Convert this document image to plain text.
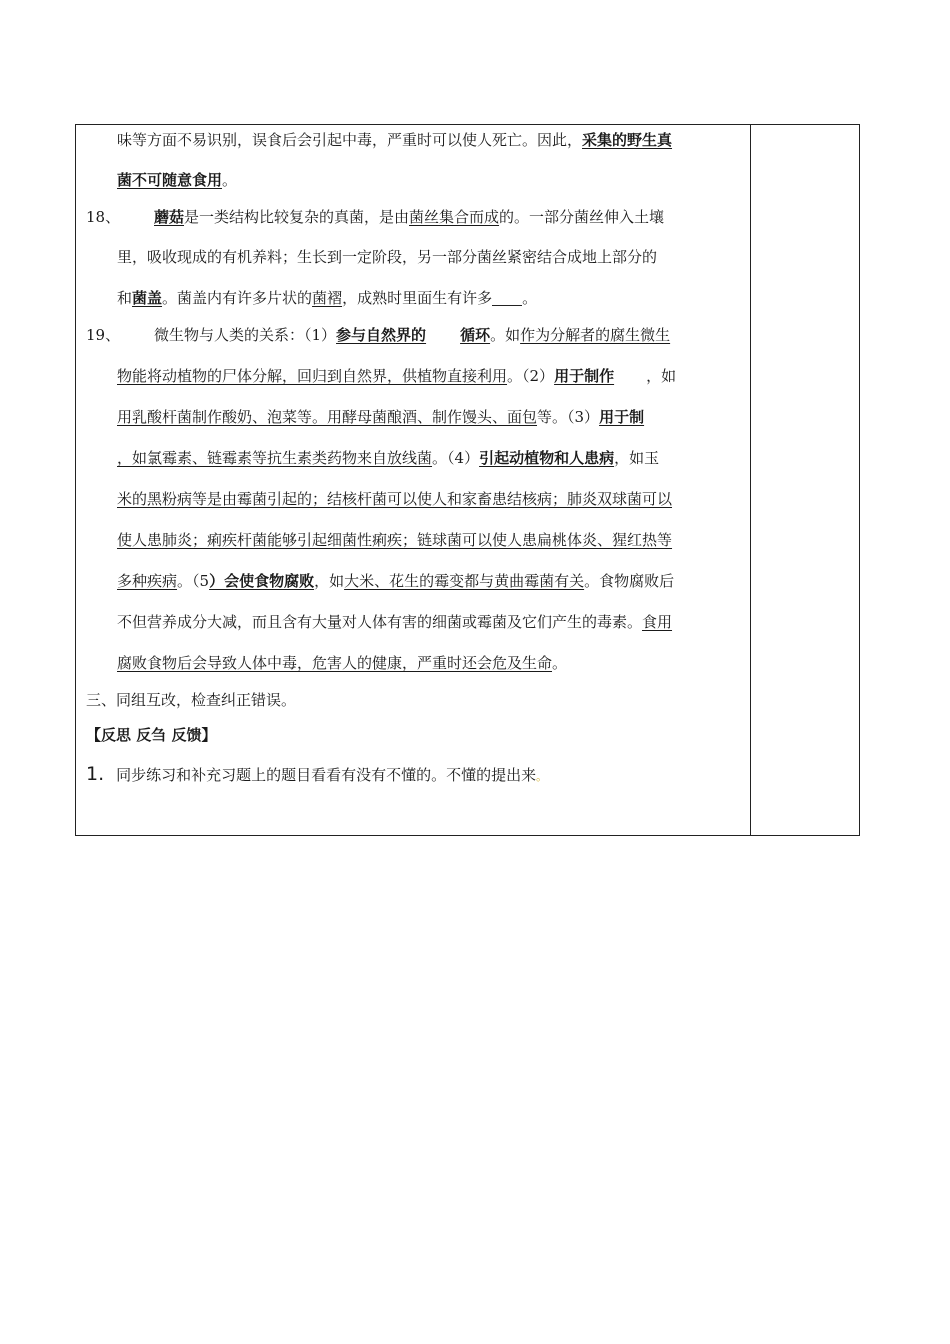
味等方面不易识别，误食后会引起中毒，严重时可以使人死亡。因此，采集的野生真
菌不可随意食用。
18、 蘑菇是一类结构比较复杂的真菌，是由菌丝集合而成的。一部分菌丝伸入土壤
里，吸收现成的有机养料；生长到一定阶段，另一部分菌丝紧密结合成地上部分的
和菌盖。菌盖内有许多片状的菌褶，成熟时里面生有许多 。
19、 微生物与人类的关系：（1）参与自然界的 循环。如作为分解者的腐生微生
物能将动植物的尸体分解，回归到自然界，供植物直接利用。（2）用于制作 ，如
用乳酸杆菌制作酸奶、泡菜等。用酵母菌酿酒、制作馒头、面包等。（3）用于制
，如氯霉素、链霉素等抗生素类药物来自放线菌。（4）引起动植物和人患病，如玉
米的黑粉病等是由霉菌引起的；结核杆菌可以使人和家畜患结核病；肺炎双球菌可以
使人患肺炎；痢疾杆菌能够引起细菌性痢疾；链球菌可以使人患扁桃体炎、猩红热等
多种疾病。（5）会使食物腐败，如大米、花生的霉变都与黄曲霉菌有关。食物腐败后
不但营养成分大减，而且含有大量对人体有害的细菌或霉菌及它们产生的毒素。食用
腐败食物后会导致人体中毒，危害人的健康，严重时还会危及生命。
三、同组互改，检查纠正错误。
【反思 反刍 反馈】
1. 同步练习和补充习题上的题目看看有没有不懂的。不懂的提出来。
